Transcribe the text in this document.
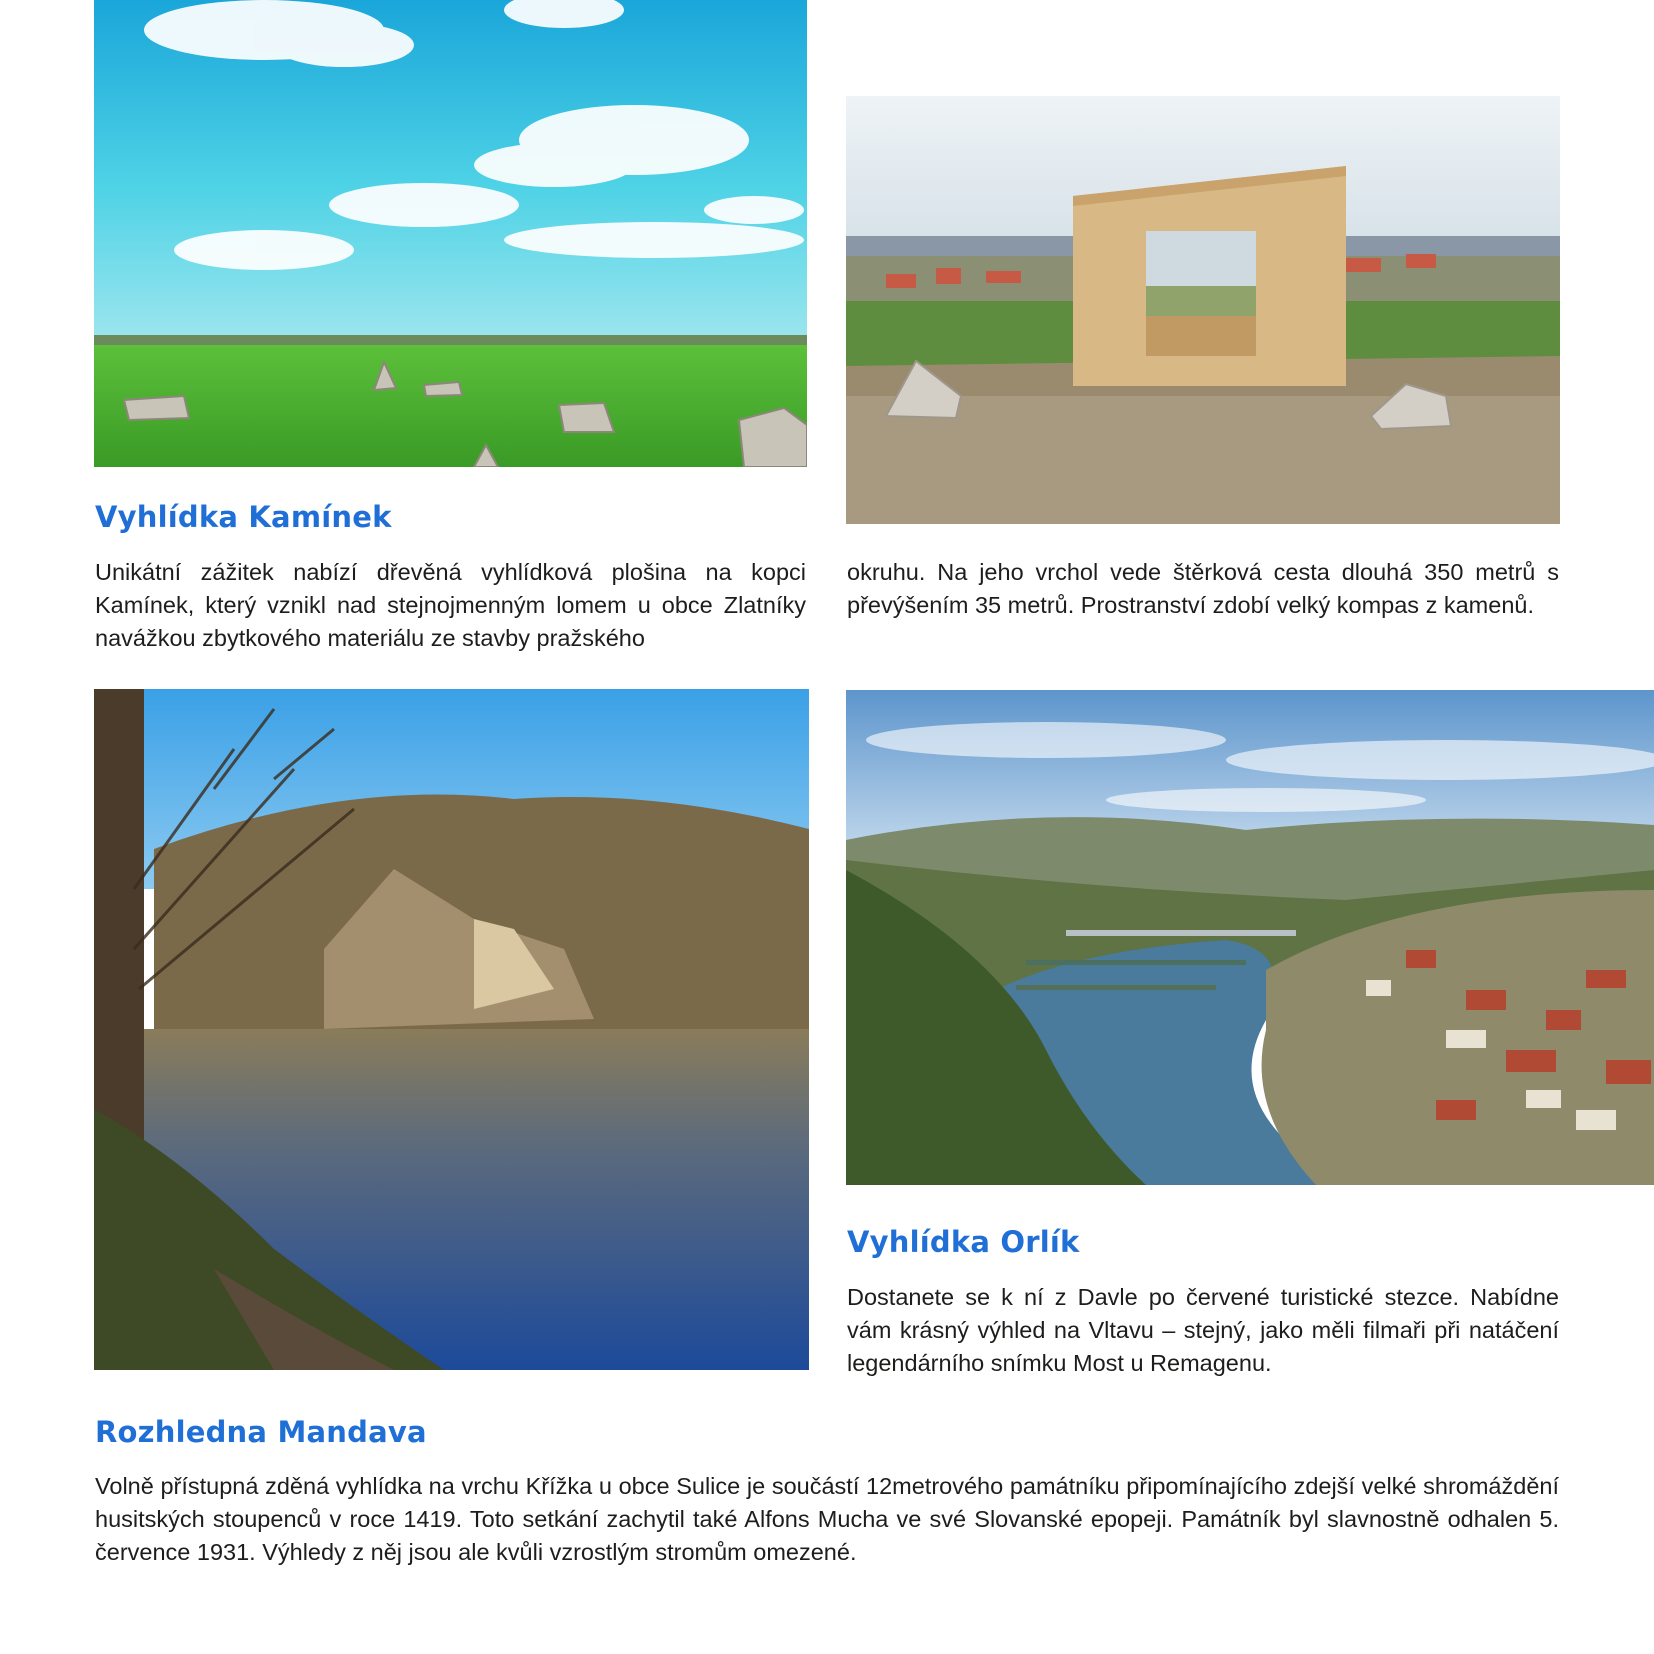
Vyhlídka Kamínek

Unikátní zážitek nabízí dřevěná vyhlídková plošina na kopci Kamínek, který vznikl nad stejnojmenným lomem u obce Zlatníky navážkou zbytkového materiálu ze stavby pražského

okruhu. Na jeho vrchol vede štěrková cesta dlouhá 350 metrů s převýšením 35 metrů. Prostranství zdobí velký kompas z kamenů.

Vyhlídka Orlík

Dostanete se k ní z Davle po červené turistické stezce. Nabídne vám krásný výhled na Vltavu – stejný, jako měli filmaři při natáčení legendárního snímku Most u Remagenu.

Rozhledna Mandava

Volně přístupná zděná vyhlídka na vrchu Křížka u obce Sulice je součástí 12metrového památníku připomínajícího zdejší velké shromáždění husitských stoupenců v roce 1419. Toto setkání zachytil také Alfons Mucha ve své Slovanské epopeji. Památník byl slavnostně odhalen 5. července 1931. Výhledy z něj jsou ale kvůli vzrostlým stromům omezené.
